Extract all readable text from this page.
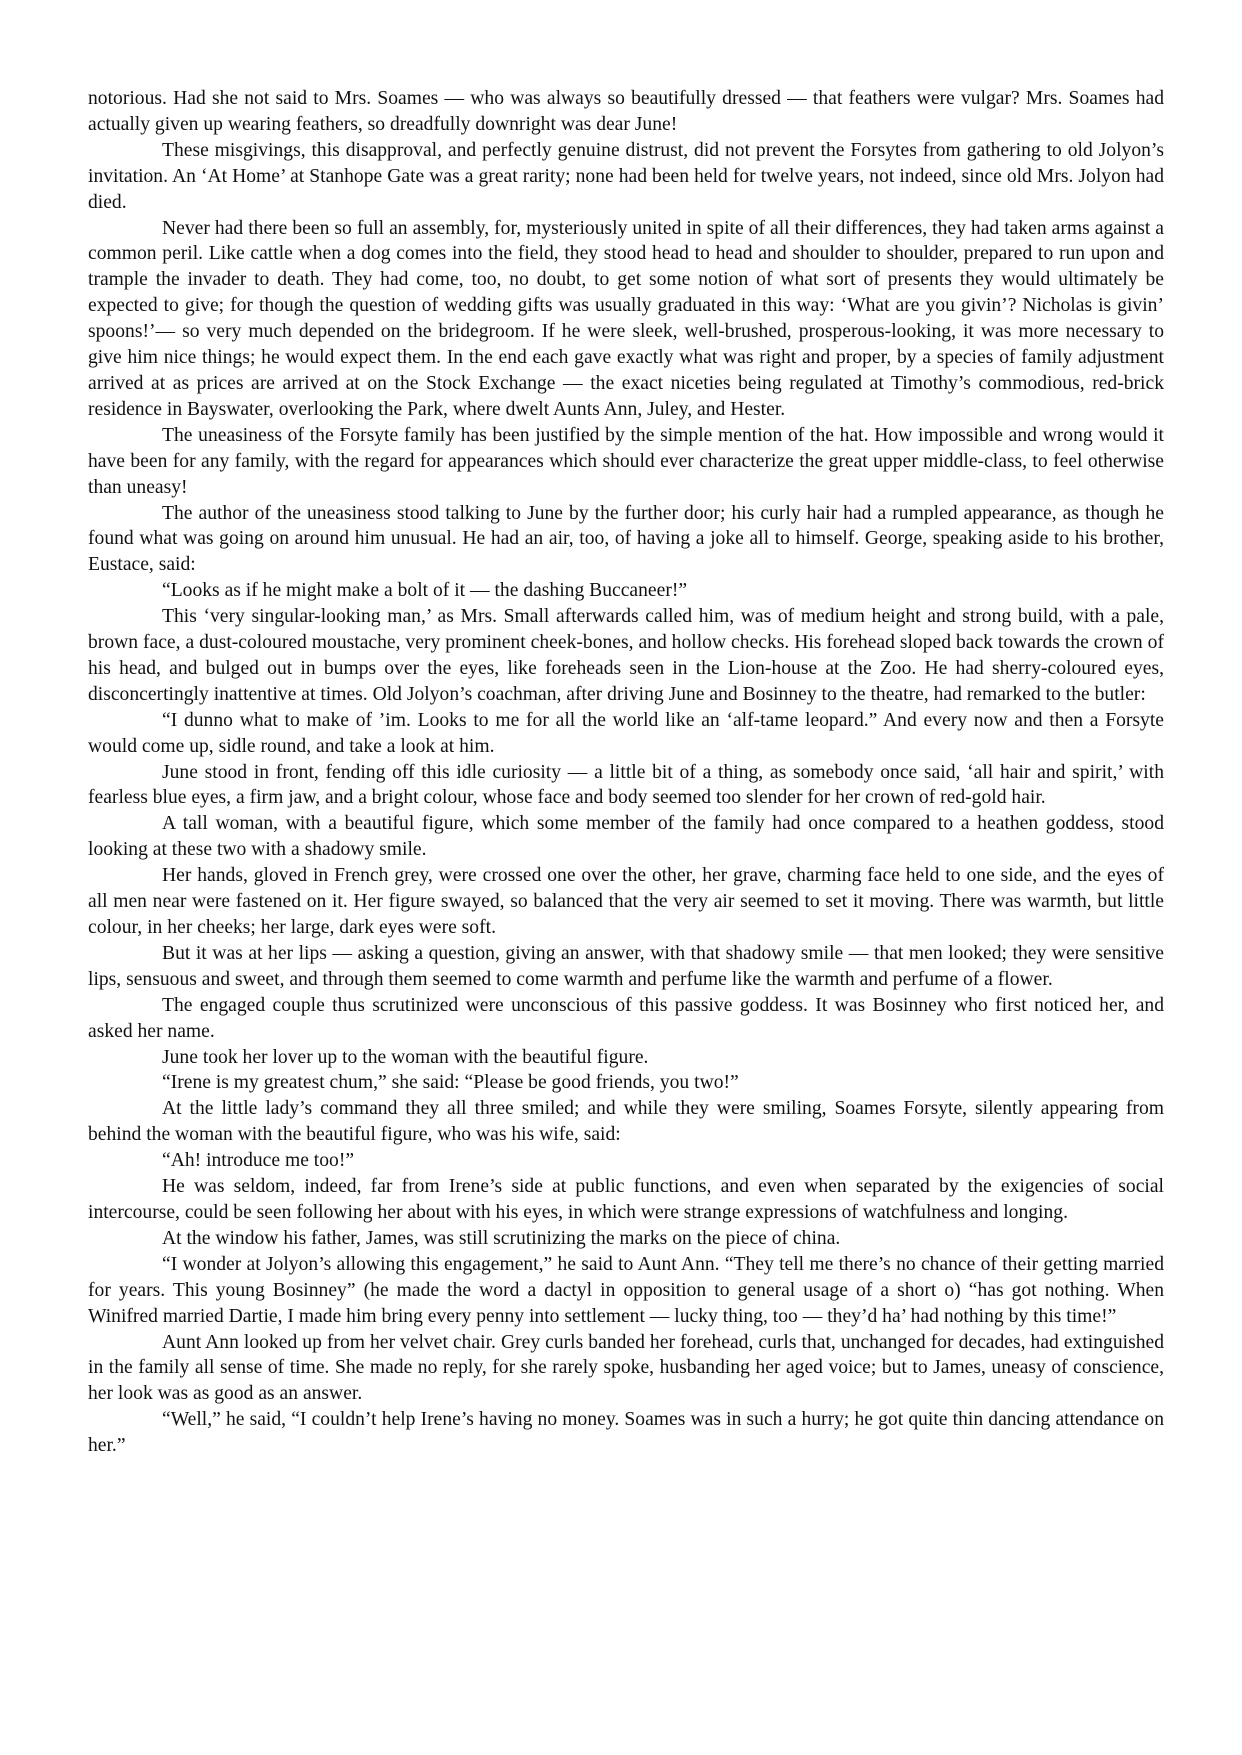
notorious. Had she not said to Mrs. Soames — who was always so beautifully dressed — that feathers were vulgar? Mrs. Soames had actually given up wearing feathers, so dreadfully downright was dear June!

These misgivings, this disapproval, and perfectly genuine distrust, did not prevent the Forsytes from gathering to old Jolyon’s invitation. An ‘At Home’ at Stanhope Gate was a great rarity; none had been held for twelve years, not indeed, since old Mrs. Jolyon had died.

Never had there been so full an assembly, for, mysteriously united in spite of all their differences, they had taken arms against a common peril. Like cattle when a dog comes into the field, they stood head to head and shoulder to shoulder, prepared to run upon and trample the invader to death. They had come, too, no doubt, to get some notion of what sort of presents they would ultimately be expected to give; for though the question of wedding gifts was usually graduated in this way: ‘What are you givin’? Nicholas is givin’ spoons!’— so very much depended on the bridegroom. If he were sleek, well-brushed, prosperous-looking, it was more necessary to give him nice things; he would expect them. In the end each gave exactly what was right and proper, by a species of family adjustment arrived at as prices are arrived at on the Stock Exchange — the exact niceties being regulated at Timothy’s commodious, red-brick residence in Bayswater, overlooking the Park, where dwelt Aunts Ann, Juley, and Hester.

The uneasiness of the Forsyte family has been justified by the simple mention of the hat. How impossible and wrong would it have been for any family, with the regard for appearances which should ever characterize the great upper middle-class, to feel otherwise than uneasy!

The author of the uneasiness stood talking to June by the further door; his curly hair had a rumpled appearance, as though he found what was going on around him unusual. He had an air, too, of having a joke all to himself. George, speaking aside to his brother, Eustace, said:

“Looks as if he might make a bolt of it — the dashing Buccaneer!”

This ‘very singular-looking man,’ as Mrs. Small afterwards called him, was of medium height and strong build, with a pale, brown face, a dust-coloured moustache, very prominent cheek-bones, and hollow checks. His forehead sloped back towards the crown of his head, and bulged out in bumps over the eyes, like foreheads seen in the Lion-house at the Zoo. He had sherry-coloured eyes, disconcertingly inattentive at times. Old Jolyon’s coachman, after driving June and Bosinney to the theatre, had remarked to the butler:

“I dunno what to make of ’im. Looks to me for all the world like an ‘alf-tame leopard.” And every now and then a Forsyte would come up, sidle round, and take a look at him.

June stood in front, fending off this idle curiosity — a little bit of a thing, as somebody once said, ‘all hair and spirit,’ with fearless blue eyes, a firm jaw, and a bright colour, whose face and body seemed too slender for her crown of red-gold hair.

A tall woman, with a beautiful figure, which some member of the family had once compared to a heathen goddess, stood looking at these two with a shadowy smile.

Her hands, gloved in French grey, were crossed one over the other, her grave, charming face held to one side, and the eyes of all men near were fastened on it. Her figure swayed, so balanced that the very air seemed to set it moving. There was warmth, but little colour, in her cheeks; her large, dark eyes were soft.

But it was at her lips — asking a question, giving an answer, with that shadowy smile — that men looked; they were sensitive lips, sensuous and sweet, and through them seemed to come warmth and perfume like the warmth and perfume of a flower.

The engaged couple thus scrutinized were unconscious of this passive goddess. It was Bosinney who first noticed her, and asked her name.

June took her lover up to the woman with the beautiful figure.

“Irene is my greatest chum,” she said: “Please be good friends, you two!”

At the little lady’s command they all three smiled; and while they were smiling, Soames Forsyte, silently appearing from behind the woman with the beautiful figure, who was his wife, said:

“Ah! introduce me too!”

He was seldom, indeed, far from Irene’s side at public functions, and even when separated by the exigencies of social intercourse, could be seen following her about with his eyes, in which were strange expressions of watchfulness and longing.

At the window his father, James, was still scrutinizing the marks on the piece of china.

“I wonder at Jolyon’s allowing this engagement,” he said to Aunt Ann. “They tell me there’s no chance of their getting married for years. This young Bosinney” (he made the word a dactyl in opposition to general usage of a short o) “has got nothing. When Winifred married Dartie, I made him bring every penny into settlement — lucky thing, too — they’d ha’ had nothing by this time!”

Aunt Ann looked up from her velvet chair. Grey curls banded her forehead, curls that, unchanged for decades, had extinguished in the family all sense of time. She made no reply, for she rarely spoke, husbanding her aged voice; but to James, uneasy of conscience, her look was as good as an answer.

“Well,” he said, “I couldn’t help Irene’s having no money. Soames was in such a hurry; he got quite thin dancing attendance on her.”
